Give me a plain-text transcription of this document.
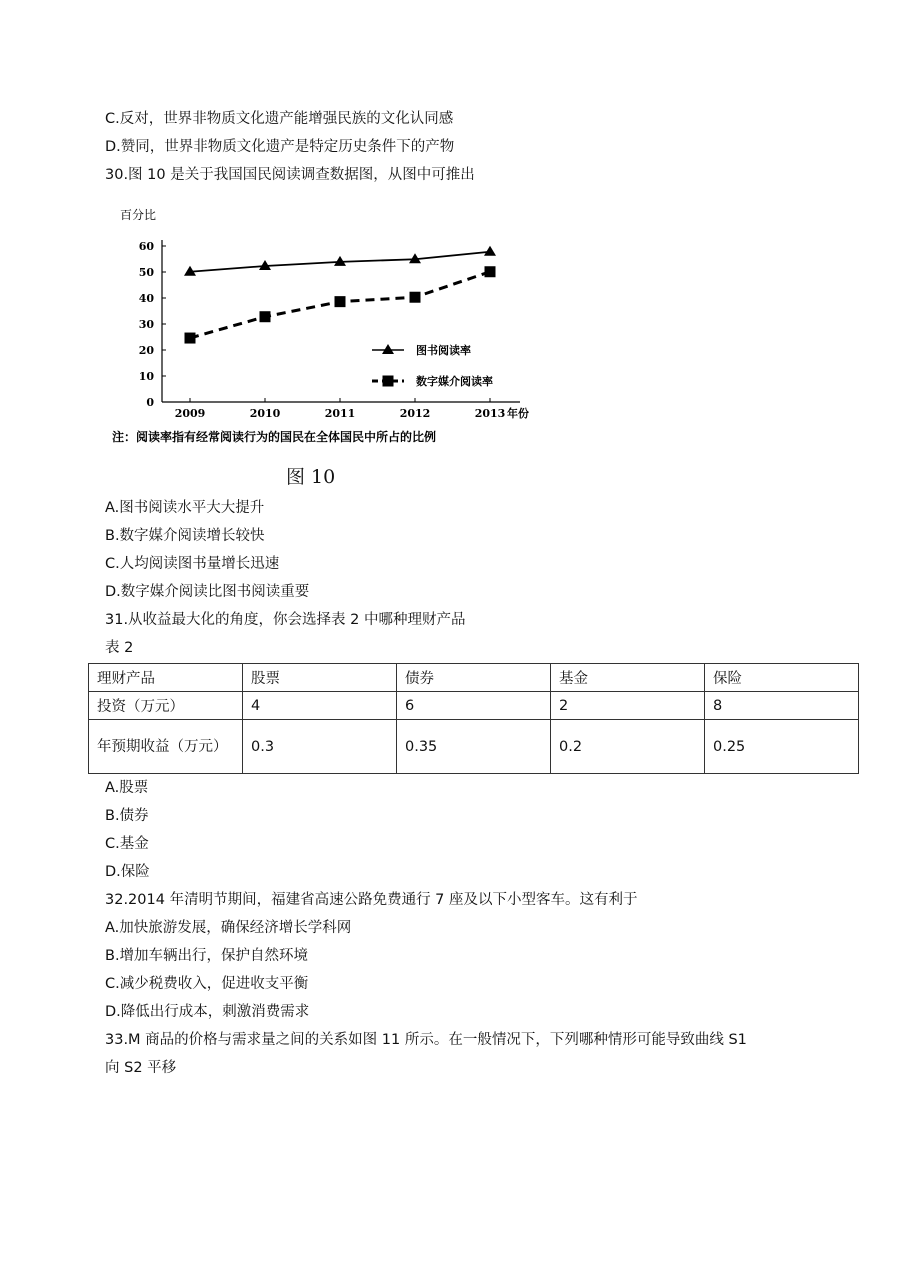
C.反对，世界非物质文化遗产能增强民族的文化认同感
D.赞同，世界非物质文化遗产是特定历史条件下的产物
30.图 10 是关于我国国民阅读调查数据图，从图中可推出
百分比
0
10
20
30
40
50
60
2009	2010	2011	2012	2013 年份
图书阅读率
数字媒介阅读率
注：阅读率指有经常阅读行为的国民在全体国民中所占的比例
图 10
A.图书阅读水平大大提升
B.数字媒介阅读增长较快
C.人均阅读图书量增长迅速
D.数字媒介阅读比图书阅读重要
31.从收益最大化的角度，你会选择表 2 中哪种理财产品
表 2
理财产品	股票	债券	基金	保险
投资（万元）	4	6	2	8
年预期收益（万元）	0.3	0.35	0.2	0.25
A.股票
B.债券
C.基金
D.保险
32.2014 年清明节期间，福建省高速公路免费通行 7 座及以下小型客车。这有利于
A.加快旅游发展，确保经济增长学科网
B.增加车辆出行，保护自然环境
C.减少税费收入，促进收支平衡
D.降低出行成本，刺激消费需求
33.M 商品的价格与需求量之间的关系如图 11 所示。在一般情况下，下列哪种情形可能导致曲线 S1
向 S2 平移
